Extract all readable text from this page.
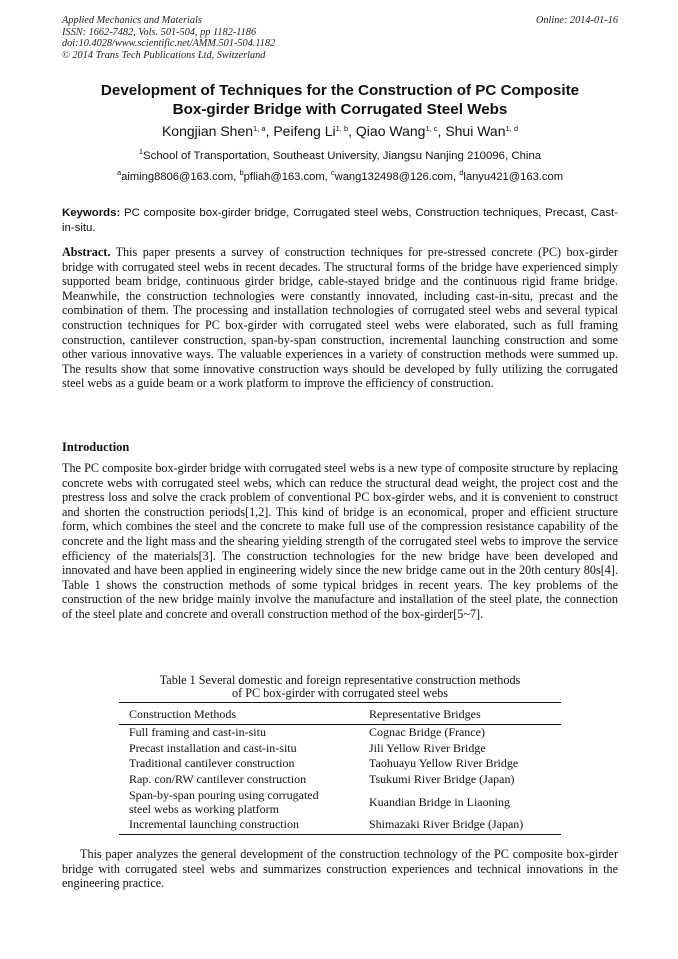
Applied Mechanics and Materials
ISSN: 1662-7482, Vols. 501-504, pp 1182-1186
doi:10.4028/www.scientific.net/AMM.501-504.1182
© 2014 Trans Tech Publications Ltd, Switzerland
Online: 2014-01-16
Development of Techniques for the Construction of PC Composite
Box-girder Bridge with Corrugated Steel Webs
Kongjian Shen$^{1, a}$, Peifeng Li$^{1, b}$, Qiao Wang$^{1, c}$, Shui Wan$^{1, d}$
$^1$School of Transportation, Southeast University, Jiangsu Nanjing 210096, China
$^a$aiming8806@163.com, $^b$pfliah@163.com, $^c$wang132498@126.com, $^d$lanyu421@163.com
Keywords: PC composite box-girder bridge, Corrugated steel webs, Construction techniques, Precast, Cast-in-situ.
Abstract. This paper presents a survey of construction techniques for pre-stressed concrete (PC) box-girder bridge with corrugated steel webs in recent decades. The structural forms of the bridge have experienced simply supported beam bridge, continuous girder bridge, cable-stayed bridge and the continuous rigid frame bridge. Meanwhile, the construction technologies were constantly innovated, including cast-in-situ, precast and the combination of them. The processing and installation technologies of corrugated steel webs and several typical construction techniques for PC box-girder with corrugated steel webs were elaborated, such as full framing construction, cantilever construction, span-by-span construction, incremental launching construction and some other various innovative ways. The valuable experiences in a variety of construction methods were summed up. The results show that some innovative construction ways should be developed by fully utilizing the corrugated steel webs as a guide beam or a work platform to improve the efficiency of construction.
Introduction
The PC composite box-girder bridge with corrugated steel webs is a new type of composite structure by replacing concrete webs with corrugated steel webs, which can reduce the structural dead weight, the project cost and the prestress loss and solve the crack problem of conventional PC box-girder webs, and it is convenient to construct and shorten the construction periods[1,2]. This kind of bridge is an economical, proper and efficient structure form, which combines the steel and the concrete to make full use of the compression resistance capability of the concrete and the light mass and the shearing yielding strength of the corrugated steel webs to improve the service efficiency of the materials[3]. The construction technologies for the new bridge have been developed and innovated and have been applied in engineering widely since the new bridge came out in the 20th century 80s[4]. Table 1 shows the construction methods of some typical bridges in recent years. The key problems of the construction of the new bridge mainly involve the manufacture and installation of the steel plate, the connection of the steel plate and concrete and overall construction method of the box-girder[5~7].
Table 1 Several domestic and foreign representative construction methods
of PC box-girder with corrugated steel webs
Construction Methods	Representative Bridges
Full framing and cast-in-situ	Cognac Bridge (France)
Precast installation and cast-in-situ	Jili Yellow River Bridge
Traditional cantilever construction	Taohuayu Yellow River Bridge
Rap. con/RW cantilever construction	Tsukumi River Bridge (Japan)

Span-by-span pouring using corrugated
steel webs as working platform	Kuandian Bridge in Liaoning
Incremental launching construction	Shimazaki River Bridge (Japan)
This paper analyzes the general development of the construction technology of the PC composite box-girder bridge with corrugated steel webs and summarizes construction experiences and technical innovations in the engineering practice.
